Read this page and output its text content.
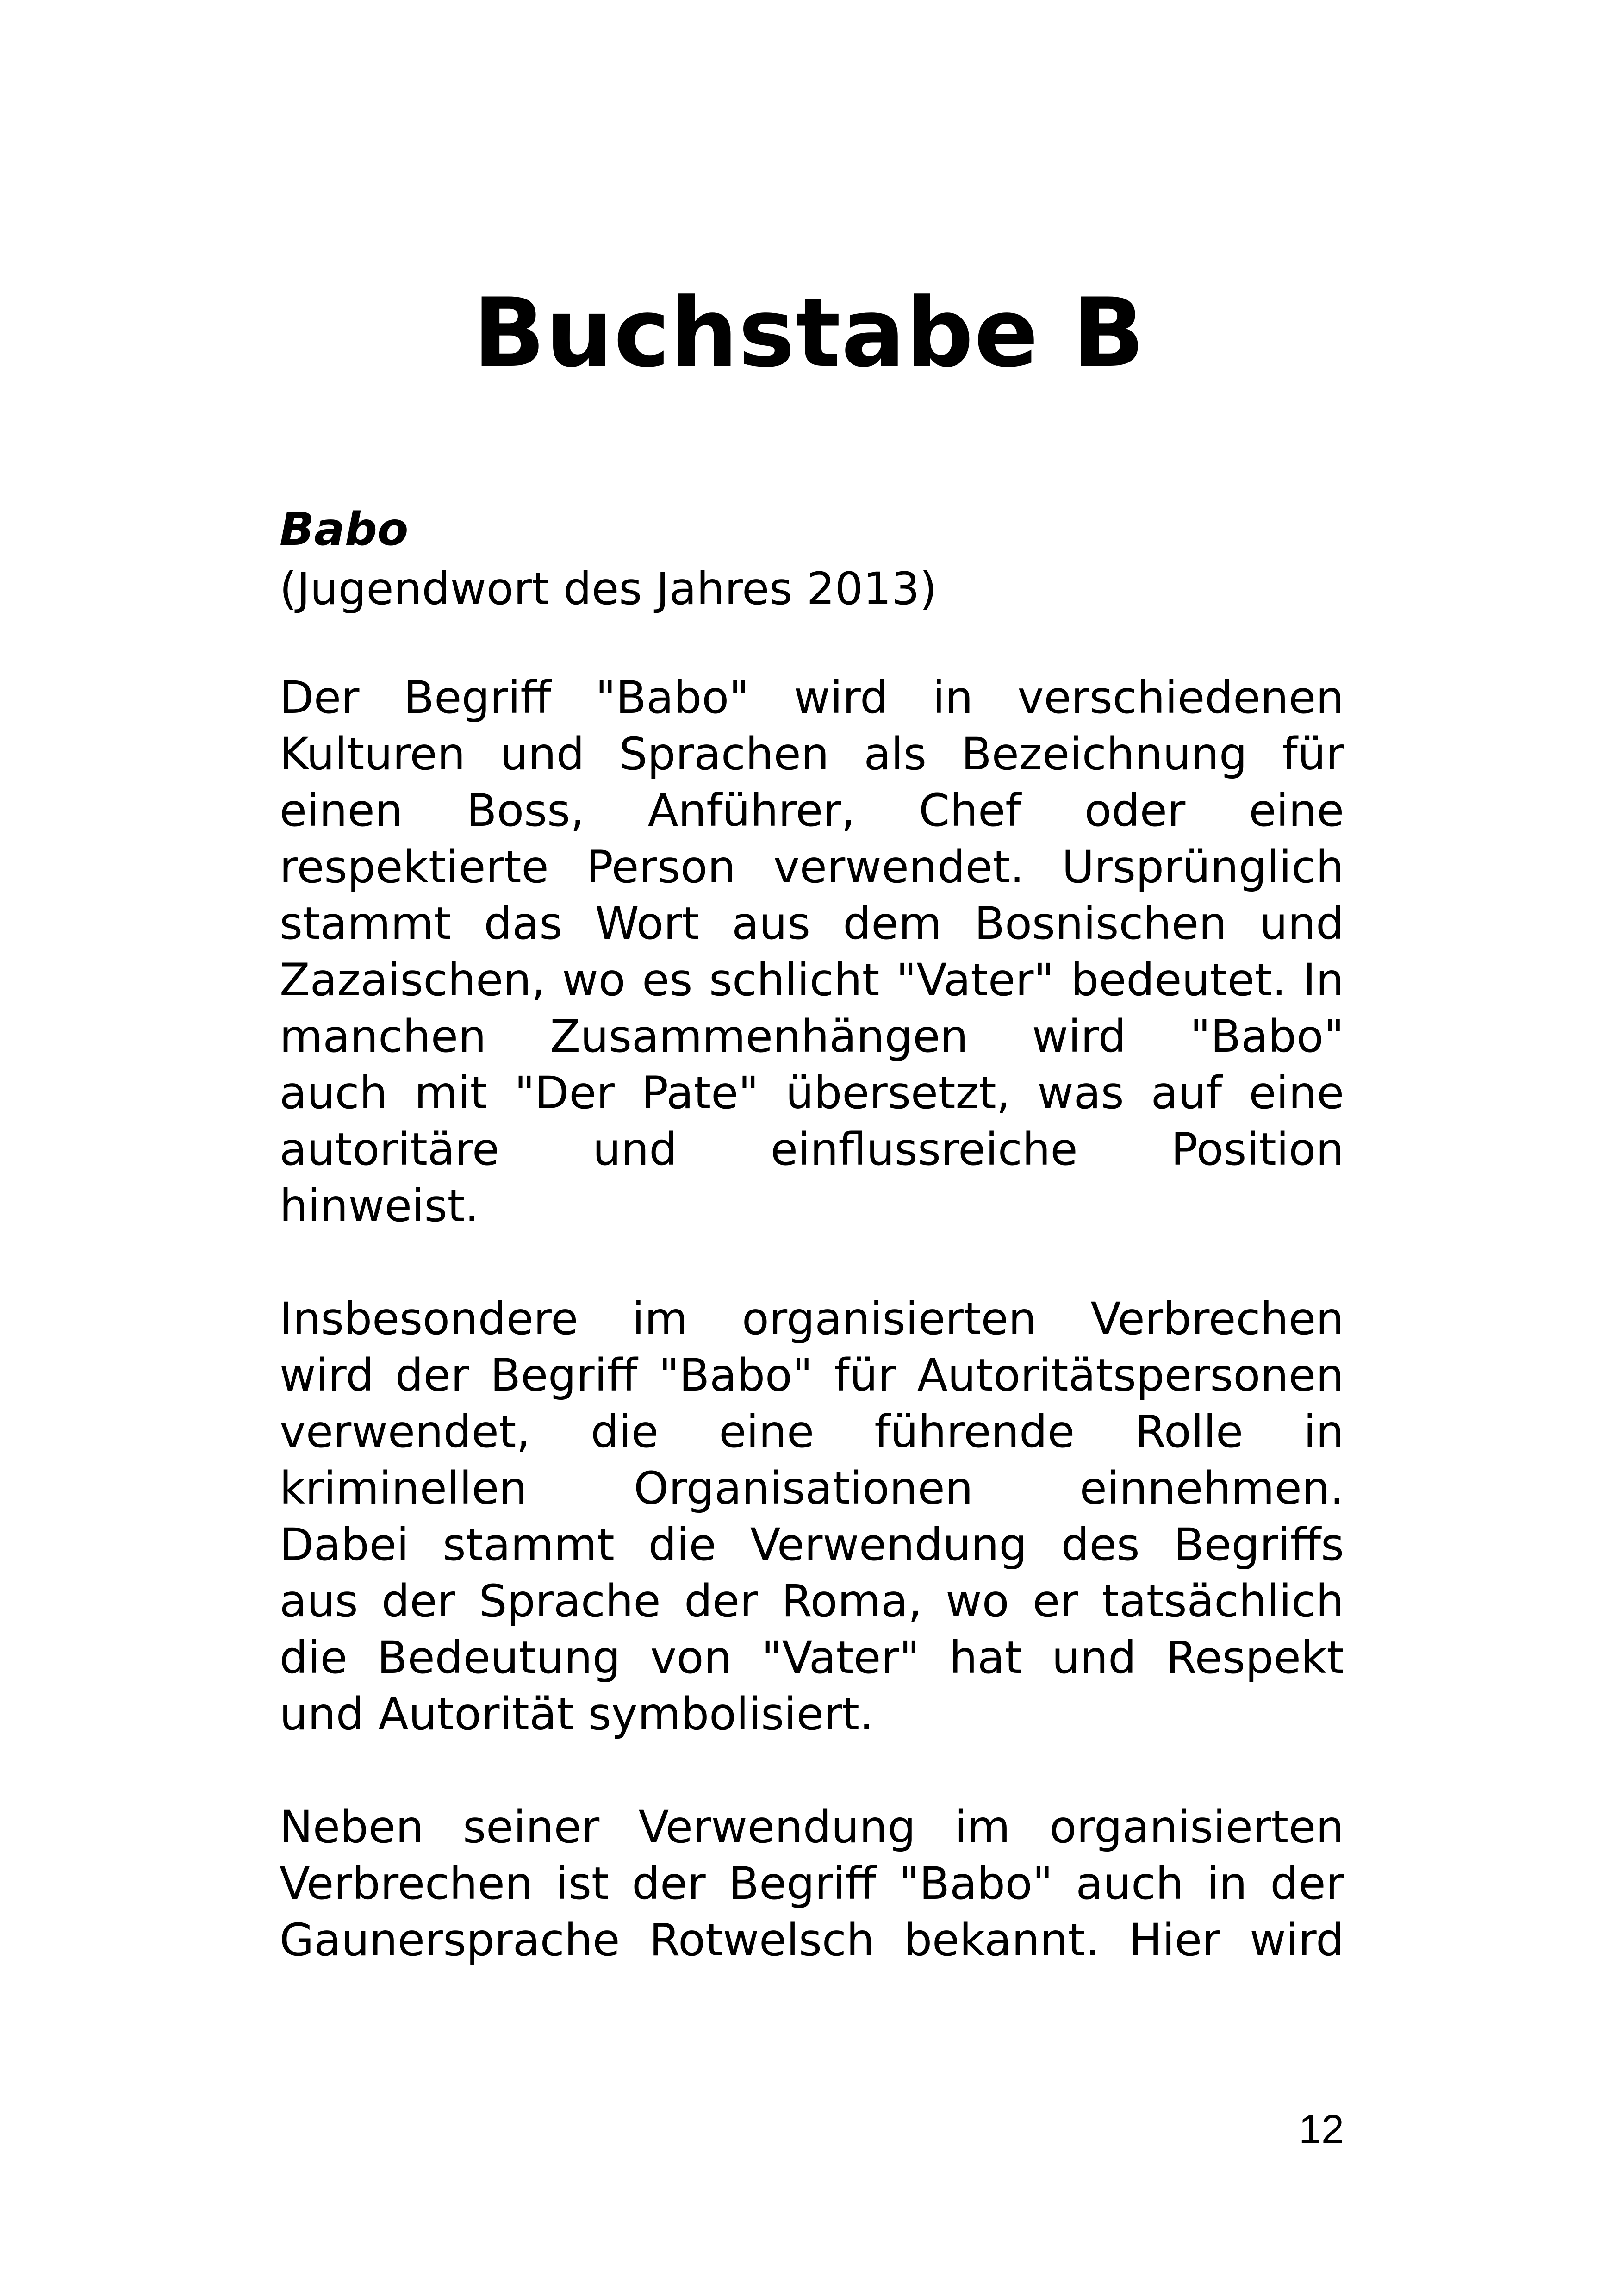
Buchstabe B

Babo

(Jugendwort des Jahres 2013)

Der Begriff "Babo" wird in verschiedenen
Kulturen und Sprachen als Bezeichnung für
einen Boss, Anführer, Chef oder eine
respektierte Person verwendet. Ursprünglich
stammt das Wort aus dem Bosnischen und
Zazaischen, wo es schlicht "Vater" bedeutet. In
manchen Zusammenhängen wird "Babo"
auch mit "Der Pate" übersetzt, was auf eine
autoritäre und einflussreiche Position
hinweist.

Insbesondere im organisierten Verbrechen
wird der Begriff "Babo" für Autoritätspersonen
verwendet, die eine führende Rolle in
kriminellen Organisationen einnehmen.
Dabei stammt die Verwendung des Begriffs
aus der Sprache der Roma, wo er tatsächlich
die Bedeutung von "Vater" hat und Respekt
und Autorität symbolisiert.

Neben seiner Verwendung im organisierten
Verbrechen ist der Begriff "Babo" auch in der
Gaunersprache Rotwelsch bekannt. Hier wird

12
